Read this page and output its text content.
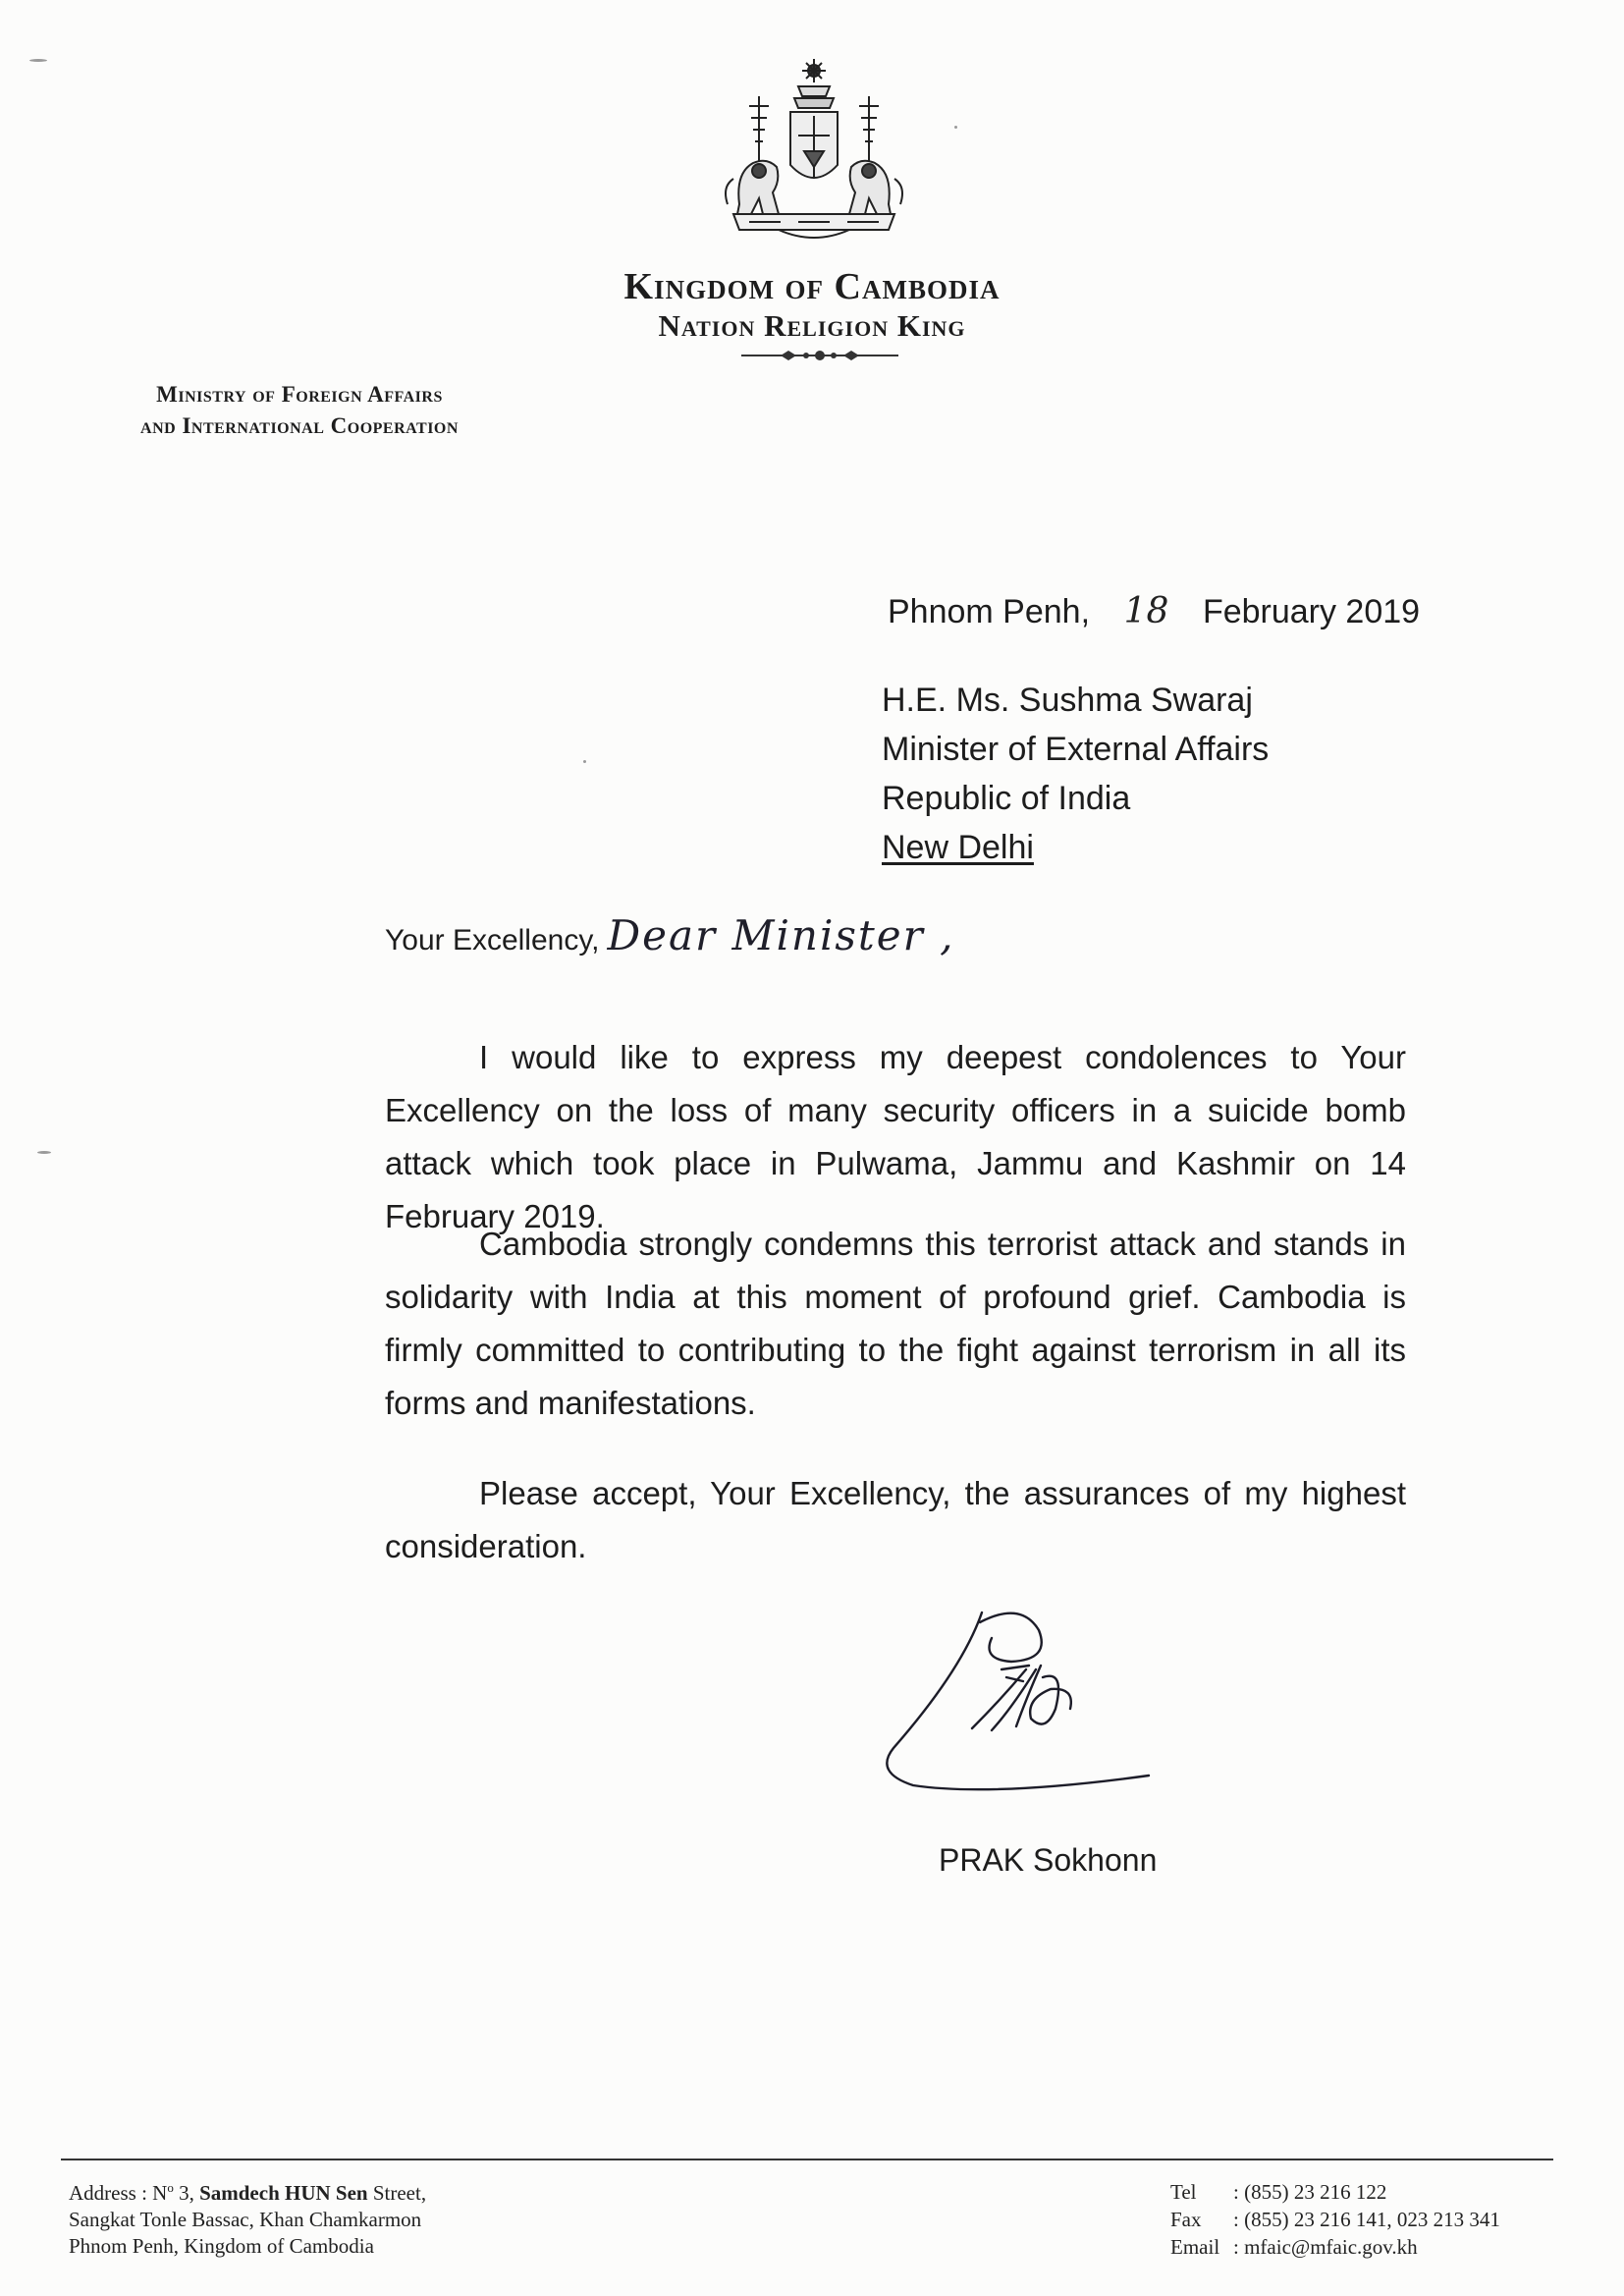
Kingdom of Cambodia
Nation Religion King
Ministry of Foreign Affairs
and International Cooperation
Phnom Penh, 18 February 2019
H.E. Ms. Sushma Swaraj
Minister of External Affairs
Republic of India
New Delhi
Your Excellency, Dear Minister ,

I would like to express my deepest condolences to Your Excellency on the loss of many security officers in a suicide bomb attack which took place in Pulwama, Jammu and Kashmir on 14 February 2019.

Cambodia strongly condemns this terrorist attack and stands in solidarity with India at this moment of profound grief. Cambodia is firmly committed to contributing to the fight against terrorism in all its forms and manifestations.

Please accept, Your Excellency, the assurances of my highest consideration.

PRAK Sokhonn
Address : $N^o$ 3, Samdech HUN Sen Street,
Sangkat Tonle Bassac, Khan Chamkarmon
Phnom Penh, Kingdom of Cambodia
Tel : (855) 23 216 122
Fax : (855) 23 216 141, 023 213 341
Email : mfaic@mfaic.gov.kh
